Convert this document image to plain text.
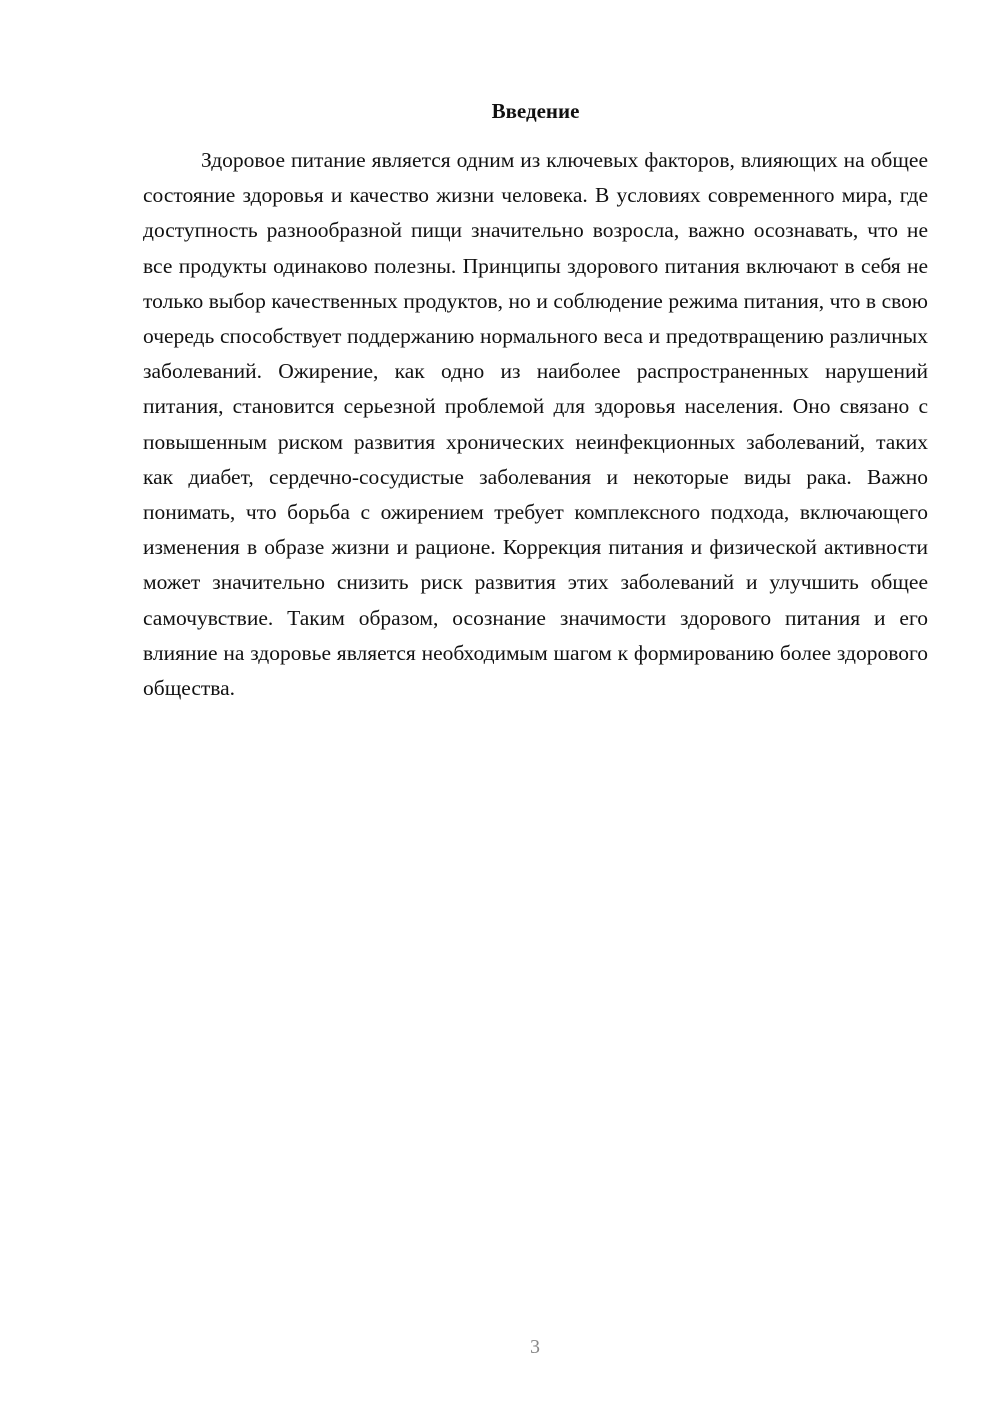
Введение

Здоровое питание является одним из ключевых факторов, влияющих на общее состояние здоровья и качество жизни человека. В условиях современного мира, где доступность разнообразной пищи значительно возросла, важно осознавать, что не все продукты одинаково полезны. Принципы здорового питания включают в себя не только выбор качественных продуктов, но и соблюдение режима питания, что в свою очередь способствует поддержанию нормального веса и предотвращению различных заболеваний. Ожирение, как одно из наиболее распространенных нарушений питания, становится серьезной проблемой для здоровья населения. Оно связано с повышенным риском развития хронических неинфекционных заболеваний, таких как диабет, сердечно-сосудистые заболевания и некоторые виды рака. Важно понимать, что борьба с ожирением требует комплексного подхода, включающего изменения в образе жизни и рационе. Коррекция питания и физической активности может значительно снизить риск развития этих заболеваний и улучшить общее самочувствие. Таким образом, осознание значимости здорового питания и его влияние на здоровье является необходимым шагом к формированию более здорового общества.

3
